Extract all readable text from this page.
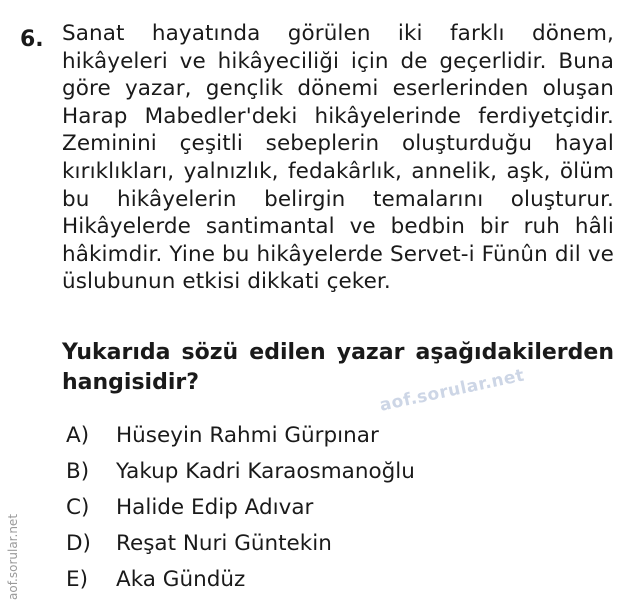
6. Sanat hayatında görülen iki farklı dönem, hikâyeleri ve hikâyeciliği için de geçerlidir. Buna göre yazar, gençlik dönemi eserlerinden oluşan Harap Mabedler'deki hikâyelerinde ferdiyetçidir. Zeminini çeşitli sebeplerin oluşturduğu hayal kırıklıkları, yalnızlık, fedakârlık, annelik, aşk, ölüm bu hikâyelerin belirgin temalarını oluşturur. Hikâyelerde santimantal ve bedbin bir ruh hâli hâkimdir. Yine bu hikâyelerde Servet-i Fünûn dil ve üslubunun etkisi dikkati çeker.
Yukarıda sözü edilen yazar aşağıdakilerden hangisidir?
A)	Hüseyin Rahmi Gürpınar
B)	Yakup Kadri Karaosmanoğlu
C)	Halide Edip Adıvar
D)	Reşat Nuri Güntekin
E)	Aka Gündüz
aof.sorular.net
aof.sorular.net
